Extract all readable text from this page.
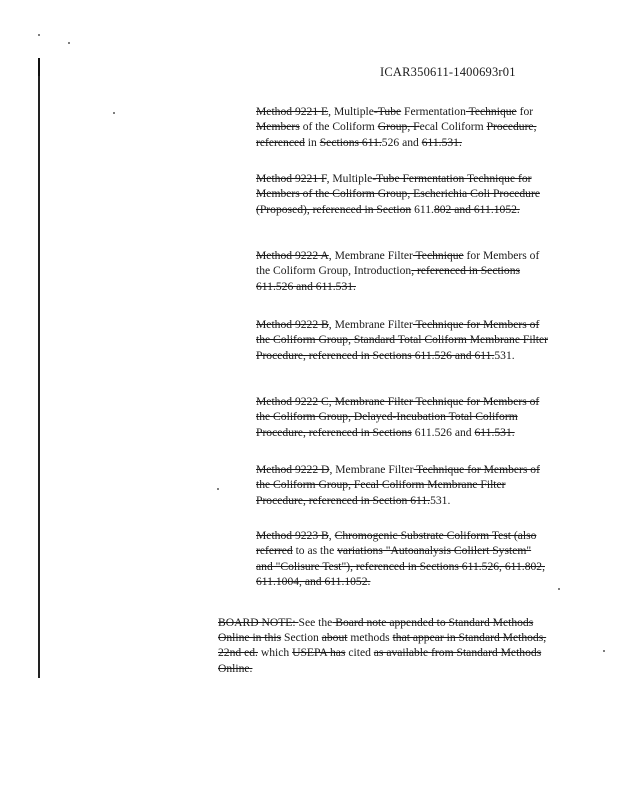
ICAR350611-1400693r01

Method 9221 E, Multiple-Tube Fermentation Technique for Members of the Coliform Group, Fecal Coliform Procedure, referenced in Sections 611.526 and 611.531.

Method 9221 F, Multiple-Tube Fermentation Technique for Members of the Coliform Group, Escherichia Coli Procedure (Proposed), referenced in Section 611.802 and 611.1052.

Method 9222 A, Membrane Filter Technique for Members of the Coliform Group, Introduction, referenced in Sections 611.526 and 611.531.

Method 9222 B, Membrane Filter Technique for Members of the Coliform Group, Standard Total Coliform Membrane Filter Procedure, referenced in Sections 611.526 and 611.531.

Method 9222 C, Membrane Filter Technique for Members of the Coliform Group, Delayed-Incubation Total Coliform Procedure, referenced in Sections 611.526 and 611.531.

Method 9222 D, Membrane Filter Technique for Members of the Coliform Group, Fecal Coliform Membrane Filter Procedure, referenced in Section 611.531.

Method 9223 B, Chromogenic Substrate Coliform Test (also referred to as the variations "Autoanalysis Colilert System" and "Colisure Test"), referenced in Sections 611.526, 611.802, 611.1004, and 611.1052.

BOARD NOTE: See the Board note appended to Standard Methods Online in this Section about methods that appear in Standard Methods, 22nd ed. which USEPA has cited as available from Standard Methods Online.
